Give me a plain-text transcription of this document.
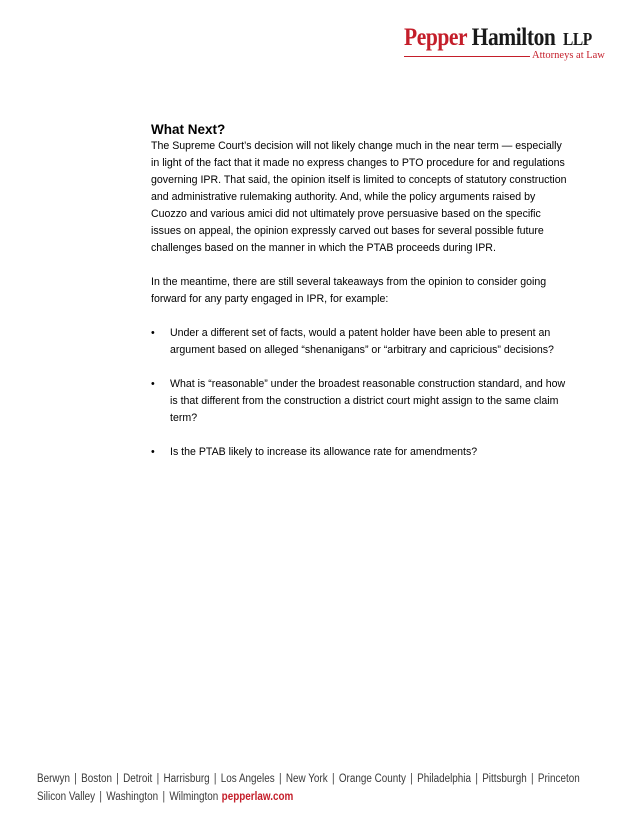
Pepper Hamilton LLP
Attorneys at Law
What Next?

The Supreme Court’s decision will not likely change much in the near term — especially in light of the fact that it made no express changes to PTO procedure for and regulations governing IPR. That said, the opinion itself is limited to concepts of statutory construction and administrative rulemaking authority. And, while the policy arguments raised by Cuozzo and various amici did not ultimately prove persuasive based on the specific issues on appeal, the opinion expressly carved out bases for several possible future challenges based on the manner in which the PTAB proceeds during IPR.

In the meantime, there are still several takeaways from the opinion to consider going forward for any party engaged in IPR, for example:

• Under a different set of facts, would a patent holder have been able to present an argument based on alleged “shenanigans” or “arbitrary and capricious” decisions?
• What is “reasonable” under the broadest reasonable construction standard, and how is that different from the construction a district court might assign to the same claim term?
• Is the PTAB likely to increase its allowance rate for amendments?
Berwyn | Boston | Detroit | Harrisburg | Los Angeles | New York | Orange County | Philadelphia | Pittsburgh | Princeton
Silicon Valley | Washington | Wilmington pepperlaw.com
